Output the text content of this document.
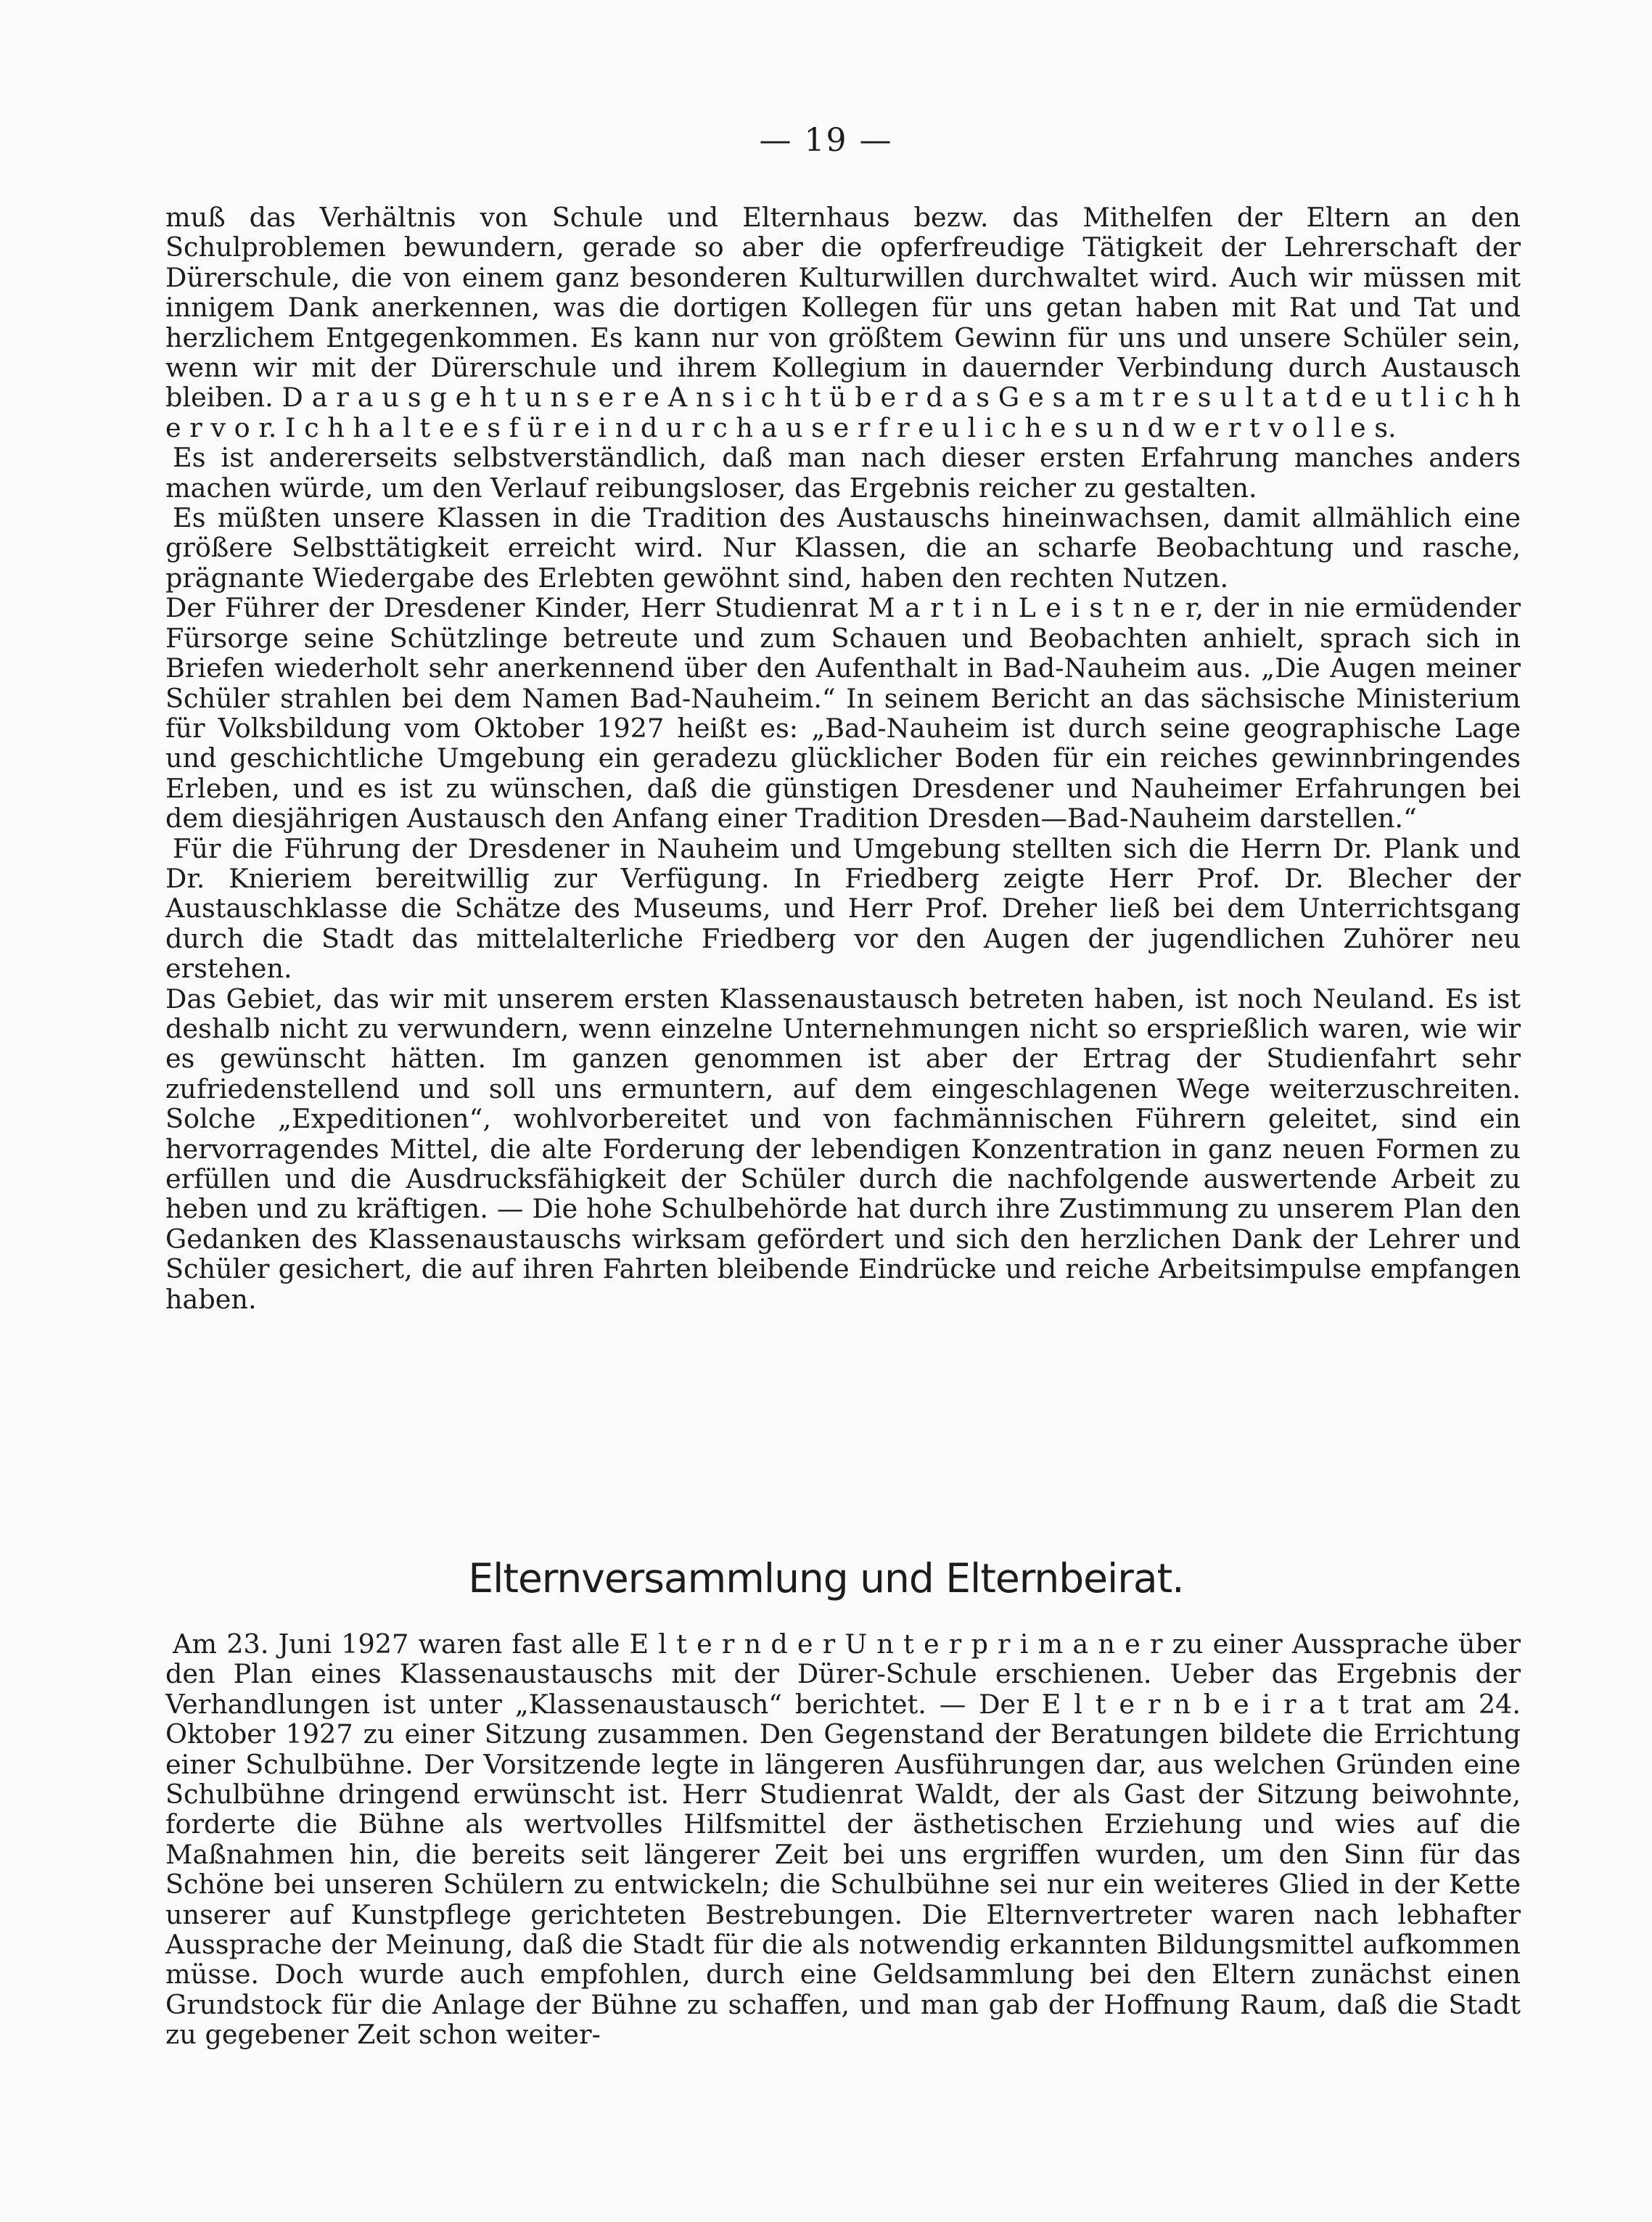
— 19 —

muß das Verhältnis von Schule und Elternhaus bezw. das Mithelfen der Eltern an den Schulproblemen bewundern, gerade so aber die opferfreudige Tätigkeit der Lehrerschaft der Dürerschule, die von einem ganz besonderen Kulturwillen durchwaltet wird. Auch wir müssen mit innigem Dank anerkennen, was die dortigen Kollegen für uns getan haben mit Rat und Tat und herzlichem Entgegenkommen. Es kann nur von größtem Gewinn für uns und unsere Schüler sein, wenn wir mit der Dürerschule und ihrem Kollegium in dauernder Verbindung durch Austausch bleiben. D a r a u s g e h t u n s e r e A n s i c h t ü b e r d a s G e s a m t r e s u l t a t d e u t l i c h h e r v o r. I c h h a l t e e s f ü r e i n d u r c h a u s e r f r e u l i c h e s u n d w e r t v o l l e s.

Es ist andererseits selbstverständlich, daß man nach dieser ersten Erfahrung manches anders machen würde, um den Verlauf reibungsloser, das Ergebnis reicher zu gestalten.

Es müßten unsere Klassen in die Tradition des Austauschs hineinwachsen, damit allmählich eine größere Selbsttätigkeit erreicht wird. Nur Klassen, die an scharfe Beobachtung und rasche, prägnante Wiedergabe des Erlebten gewöhnt sind, haben den rechten Nutzen.

Der Führer der Dresdener Kinder, Herr Studienrat M a r t i n L e i s t n e r, der in nie ermüdender Fürsorge seine Schützlinge betreute und zum Schauen und Beobachten anhielt, sprach sich in Briefen wiederholt sehr anerkennend über den Aufenthalt in Bad-Nauheim aus. „Die Augen meiner Schüler strahlen bei dem Namen Bad-Nauheim.“ In seinem Bericht an das sächsische Ministerium für Volksbildung vom Oktober 1927 heißt es: „Bad-Nauheim ist durch seine geographische Lage und geschichtliche Umgebung ein geradezu glücklicher Boden für ein reiches gewinnbringendes Erleben, und es ist zu wünschen, daß die günstigen Dresdener und Nauheimer Erfahrungen bei dem diesjährigen Austausch den Anfang einer Tradition Dresden—Bad-Nauheim darstellen.“

Für die Führung der Dresdener in Nauheim und Umgebung stellten sich die Herrn Dr. Plank und Dr. Knieriem bereitwillig zur Verfügung. In Friedberg zeigte Herr Prof. Dr. Blecher der Austauschklasse die Schätze des Museums, und Herr Prof. Dreher ließ bei dem Unterrichtsgang durch die Stadt das mittelalterliche Friedberg vor den Augen der jugendlichen Zuhörer neu erstehen.

Das Gebiet, das wir mit unserem ersten Klassenaustausch betreten haben, ist noch Neuland. Es ist deshalb nicht zu verwundern, wenn einzelne Unternehmungen nicht so ersprießlich waren, wie wir es gewünscht hätten. Im ganzen genommen ist aber der Ertrag der Studienfahrt sehr zufriedenstellend und soll uns ermuntern, auf dem eingeschlagenen Wege weiterzuschreiten. Solche „Expeditionen“, wohlvorbereitet und von fachmännischen Führern geleitet, sind ein hervorragendes Mittel, die alte Forderung der lebendigen Konzentration in ganz neuen Formen zu erfüllen und die Ausdrucksfähigkeit der Schüler durch die nachfolgende auswertende Arbeit zu heben und zu kräftigen. — Die hohe Schulbehörde hat durch ihre Zustimmung zu unserem Plan den Gedanken des Klassenaustauschs wirksam gefördert und sich den herzlichen Dank der Lehrer und Schüler gesichert, die auf ihren Fahrten bleibende Eindrücke und reiche Arbeitsimpulse empfangen haben.

Elternversammlung und Elternbeirat.

Am 23. Juni 1927 waren fast alle E l t e r n d e r U n t e r p r i m a n e r zu einer Aussprache über den Plan eines Klassenaustauschs mit der Dürer-Schule erschienen. Ueber das Ergebnis der Verhandlungen ist unter „Klassenaustausch“ berichtet. — Der E l t e r n b e i r a t trat am 24. Oktober 1927 zu einer Sitzung zusammen. Den Gegenstand der Beratungen bildete die Errichtung einer Schulbühne. Der Vorsitzende legte in längeren Ausführungen dar, aus welchen Gründen eine Schulbühne dringend erwünscht ist. Herr Studienrat Waldt, der als Gast der Sitzung beiwohnte, forderte die Bühne als wertvolles Hilfsmittel der ästhetischen Erziehung und wies auf die Maßnahmen hin, die bereits seit längerer Zeit bei uns ergriffen wurden, um den Sinn für das Schöne bei unseren Schülern zu entwickeln; die Schulbühne sei nur ein weiteres Glied in der Kette unserer auf Kunstpflege gerichteten Bestrebungen. Die Elternvertreter waren nach lebhafter Aussprache der Meinung, daß die Stadt für die als notwendig erkannten Bildungsmittel aufkommen müsse. Doch wurde auch empfohlen, durch eine Geldsammlung bei den Eltern zunächst einen Grundstock für die Anlage der Bühne zu schaffen, und man gab der Hoffnung Raum, daß die Stadt zu gegebener Zeit schon weiter-
